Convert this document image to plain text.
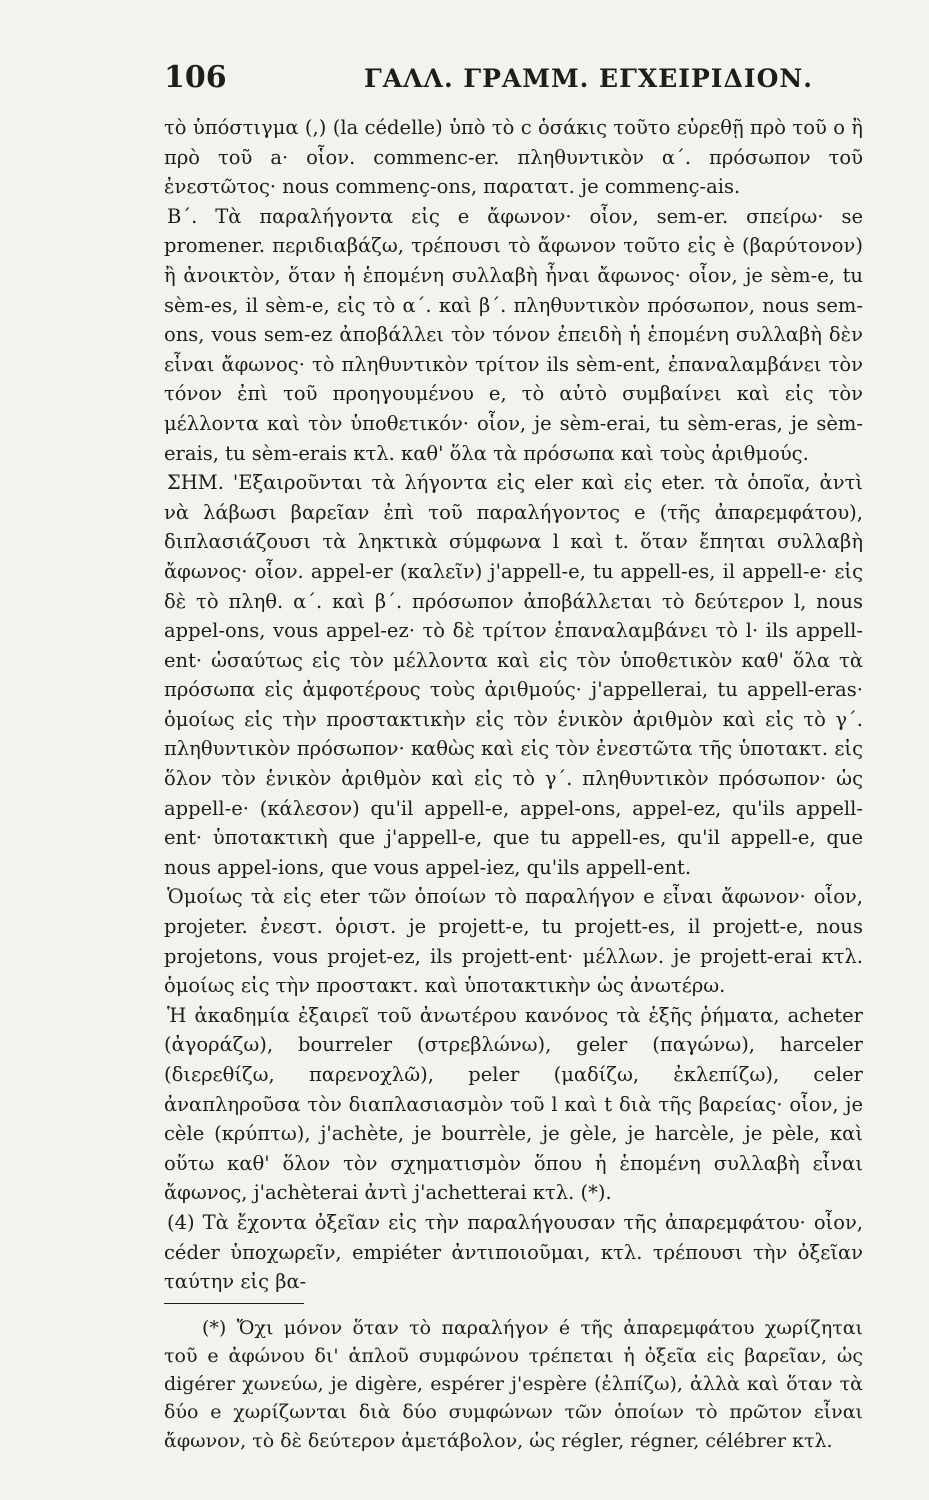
106	ΓΑΛΛ. ΓΡΑΜΜ. ΕΓΧΕΙΡΙΔΙΟΝ.

τὸ ὑπόστιγμα (,) (la cédelle) ὑπὸ τὸ c ὁσάκις τοῦτο εὑρεθῇ πρὸ τοῦ o ἢ πρὸ τοῦ a· οἷον. commenc-er. πληθυντικὸν α΄. πρόσωπον τοῦ ἐνεστῶτος· nous commenç-ons, παρατατ. je commenç-ais.

B΄. Τὰ παραλήγοντα εἰς e ἄφωνον· οἷον, sem-er. σπείρω· se promener. περιδιαβάζω, τρέπουσι τὸ ἄφωνον τοῦτο εἰς è (βαρύτονον) ἢ ἀνοικτὸν, ὅταν ἡ ἑπομένη συλλαβὴ ἦναι ἄφωνος· οἷον, je sèm-e, tu sèm-es, il sèm-e, εἰς τὸ α΄. καὶ β΄. πληθυντικὸν πρόσωπον, nous sem-ons, vous sem-ez ἀποβάλλει τὸν τόνον ἐπειδὴ ἡ ἑπομένη συλλαβὴ δὲν εἶναι ἄφωνος· τὸ πληθυντικὸν τρίτον ils sèm-ent, ἐπαναλαμβάνει τὸν τόνον ἐπὶ τοῦ προηγουμένου e, τὸ αὐτὸ συμβαίνει καὶ εἰς τὸν μέλλοντα καὶ τὸν ὑποθετικόν· οἷον, je sèm-erai, tu sèm-eras, je sèm-erais, tu sèm-erais κτλ. καθ' ὅλα τὰ πρόσωπα καὶ τοὺς ἀριθμούς.

ΣΗΜ. 'Εξαιροῦνται τὰ λήγοντα εἰς eler καὶ εἰς eter. τὰ ὁποῖα, ἀντὶ νὰ λάβωσι βαρεῖαν ἐπὶ τοῦ παραλήγοντος e (τῆς ἀπαρεμφάτου), διπλασιάζουσι τὰ ληκτικὰ σύμφωνα l καὶ t. ὅταν ἔπηται συλλαβὴ ἄφωνος· οἷον. appel-er (καλεῖν) j'appell-e, tu appell-es, il appell-e· εἰς δὲ τὸ πληθ. α΄. καὶ β΄. πρόσωπον ἀποβάλλεται τὸ δεύτερον l, nous appel-ons, vous appel-ez· τὸ δὲ τρίτον ἐπαναλαμβάνει τὸ l· ils appell-ent· ὡσαύτως εἰς τὸν μέλλοντα καὶ εἰς τὸν ὑποθετικὸν καθ' ὅλα τὰ πρόσωπα εἰς ἀμφοτέρους τοὺς ἀριθμούς· j'appellerai, tu appell-eras· ὁμοίως εἰς τὴν προστακτικὴν εἰς τὸν ἑνικὸν ἀριθμὸν καὶ εἰς τὸ γ΄. πληθυντικὸν πρόσωπον· καθὼς καὶ εἰς τὸν ἐνεστῶτα τῆς ὑποτακτ. εἰς ὅλον τὸν ἑνικὸν ἀριθμὸν καὶ εἰς τὸ γ΄. πληθυντικὸν πρόσωπον· ὡς appell-e· (κάλεσον) qu'il appell-e, appel-ons, appel-ez, qu'ils appell-ent· ὑποτακτικὴ que j'appell-e, que tu appell-es, qu'il appell-e, que nous appel-ions, que vous appel-iez, qu'ils appell-ent.

Ὁμοίως τὰ εἰς eter τῶν ὁποίων τὸ παραλήγον e εἶναι ἄφωνον· οἷον, projeter. ἐνεστ. ὁριστ. je projett-e, tu projett-es, il projett-e, nous projetons, vous projet-ez, ils projett-ent· μέλλων. je projett-erai κτλ. ὁμοίως εἰς τὴν προστακτ. καὶ ὑποτακτικὴν ὡς ἀνωτέρω.

Ἡ ἀκαδημία ἐξαιρεῖ τοῦ ἀνωτέρου κανόνος τὰ ἑξῆς ῥήματα, acheter (ἀγοράζω), bourreler (στρεβλώνω), geler (παγώνω), harceler (διερεθίζω, παρενοχλῶ), peler (μαδίζω, ἐκλεπίζω), celer ἀναπληροῦσα τὸν διαπλασιασμὸν τοῦ l καὶ t διὰ τῆς βαρείας· οἷον, je cèle (κρύπτω), j'achète, je bourrèle, je gèle, je harcèle, je pèle, καὶ οὕτω καθ' ὅλον τὸν σχηματισμὸν ὅπου ἡ ἑπομένη συλλαβὴ εἶναι ἄφωνος, j'achèterai ἀντὶ j'achetterai κτλ. (*).

(4) Τὰ ἔχοντα ὀξεῖαν εἰς τὴν παραλήγουσαν τῆς ἀπαρεμφάτου· οἷον, céder ὑποχωρεῖν, empiéter ἀντιποιοῦμαι, κτλ. τρέπουσι τὴν ὀξεῖαν ταύτην εἰς βα-

(*) Ὄχι μόνον ὅταν τὸ παραλήγον é τῆς ἀπαρεμφάτου χωρίζηται τοῦ e ἀφώνου δι' ἁπλοῦ συμφώνου τρέπεται ἡ ὀξεῖα εἰς βαρεῖαν, ὡς digérer χωνεύω, je digère, espérer j'espère (ἐλπίζω), ἀλλὰ καὶ ὅταν τὰ δύο e χωρίζωνται διὰ δύο συμφώνων τῶν ὁποίων τὸ πρῶτον εἶναι ἄφωνον, τὸ δὲ δεύτερον ἀμετάβολον, ὡς régler, régner, célébrer κτλ.
